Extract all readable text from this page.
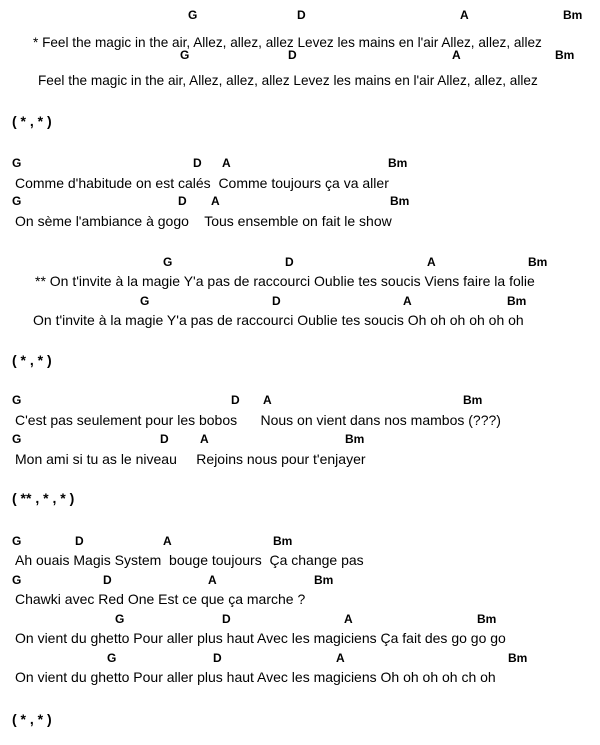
G	D	A	Bm
* Feel the magic in the air, Allez, allez, allez Levez les mains en l'air Allez, allez, allez
G	D	A	Bm
Feel the magic in the air, Allez, allez, allez Levez les mains en l'air Allez, allez, allez
( * , * )
G	D A	Bm
Comme d'habitude on est calés  Comme toujours ça va aller
G	D A	Bm
On sème l'ambiance à gogo    Tous ensemble on fait le show
G	D	A	Bm
** On t'invite à la magie Y'a pas de raccourci Oublie tes soucis Viens faire la folie
G	D	A	Bm
On t'invite à la magie Y'a pas de raccourci Oublie tes soucis Oh oh oh oh oh oh
( * , * )
G	D A	Bm
C'est pas seulement pour les bobos      Nous on vient dans nos mambos (???)
G	D	A	Bm
Mon ami si tu as le niveau     Rejoins nous pour t'enjayer
( ** , * , * )
G	D	A	Bm
Ah ouais Magis System  bouge toujours  Ça change pas
G	D	A	Bm
Chawki avec Red One Est ce que ça marche ?
G	D	A	Bm
On vient du ghetto Pour aller plus haut Avec les magiciens Ça fait des go go go
G	D	A	Bm
On vient du ghetto Pour aller plus haut Avec les magiciens Oh oh oh oh ch oh
( * , * )
